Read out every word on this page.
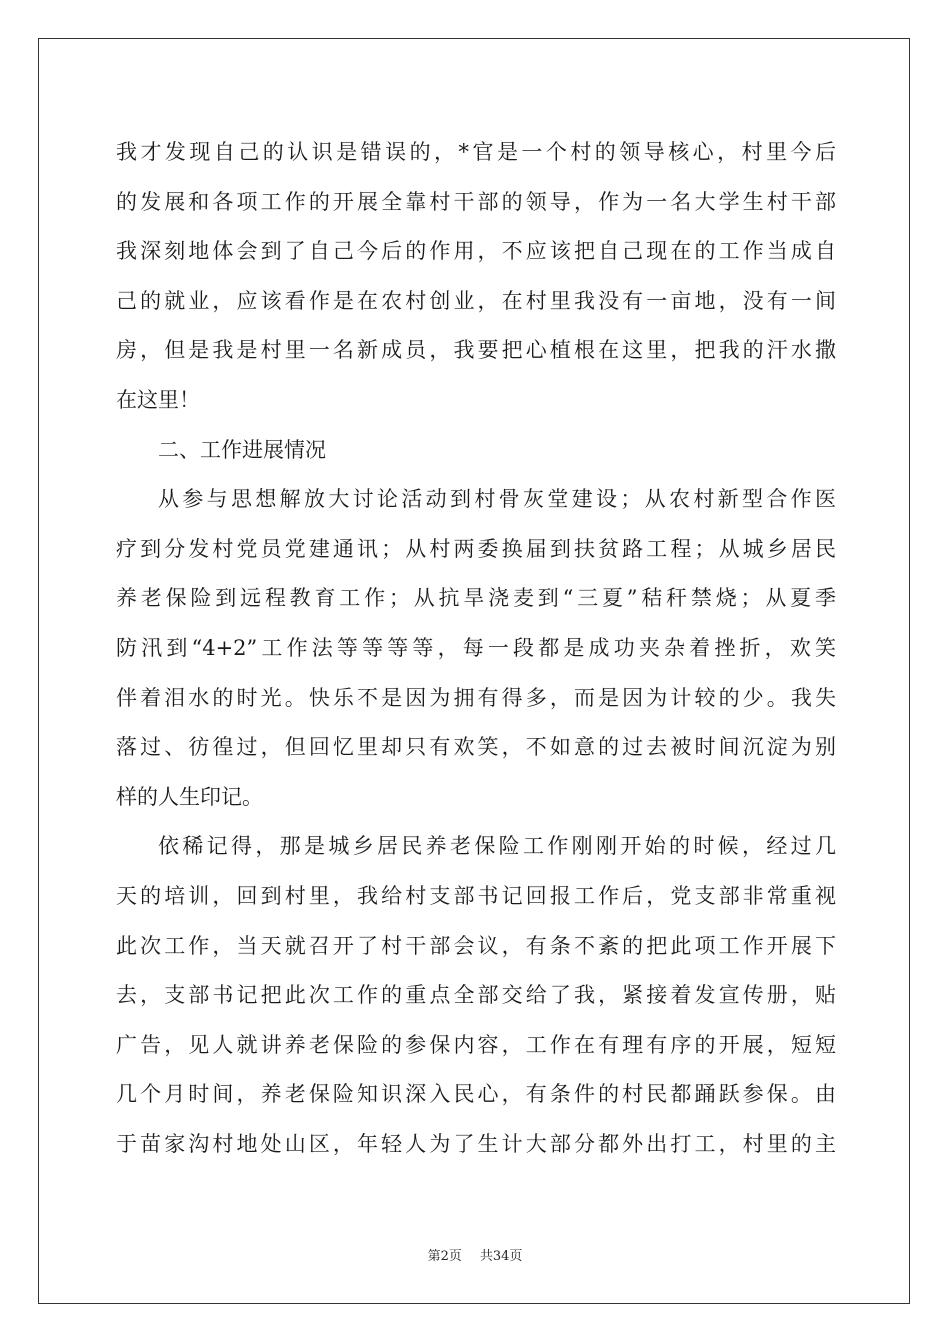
我才发现自己的认识是错误的，*官是一个村的领导核心，村里今后
的发展和各项工作的开展全靠村干部的领导，作为一名大学生村干部
我深刻地体会到了自己今后的作用，不应该把自己现在的工作当成自
己的就业，应该看作是在农村创业，在村里我没有一亩地，没有一间
房，但是我是村里一名新成员，我要把心植根在这里，把我的汗水撒
在这里！
二、工作进展情况
从参与思想解放大讨论活动到村骨灰堂建设；从农村新型合作医
疗到分发村党员党建通讯；从村两委换届到扶贫路工程；从城乡居民
养老保险到远程教育工作；从抗旱浇麦到“三夏”秸秆禁烧；从夏季
防汛到“4+2”工作法等等等等，每一段都是成功夹杂着挫折，欢笑
伴着泪水的时光。快乐不是因为拥有得多，而是因为计较的少。我失
落过、彷徨过，但回忆里却只有欢笑，不如意的过去被时间沉淀为别
样的人生印记。
依稀记得，那是城乡居民养老保险工作刚刚开始的时候，经过几
天的培训，回到村里，我给村支部书记回报工作后，党支部非常重视
此次工作，当天就召开了村干部会议，有条不紊的把此项工作开展下
去，支部书记把此次工作的重点全部交给了我，紧接着发宣传册，贴
广告，见人就讲养老保险的参保内容，工作在有理有序的开展，短短
几个月时间，养老保险知识深入民心，有条件的村民都踊跃参保。由
于苗家沟村地处山区，年轻人为了生计大部分都外出打工，村里的主
第2页 共34页
